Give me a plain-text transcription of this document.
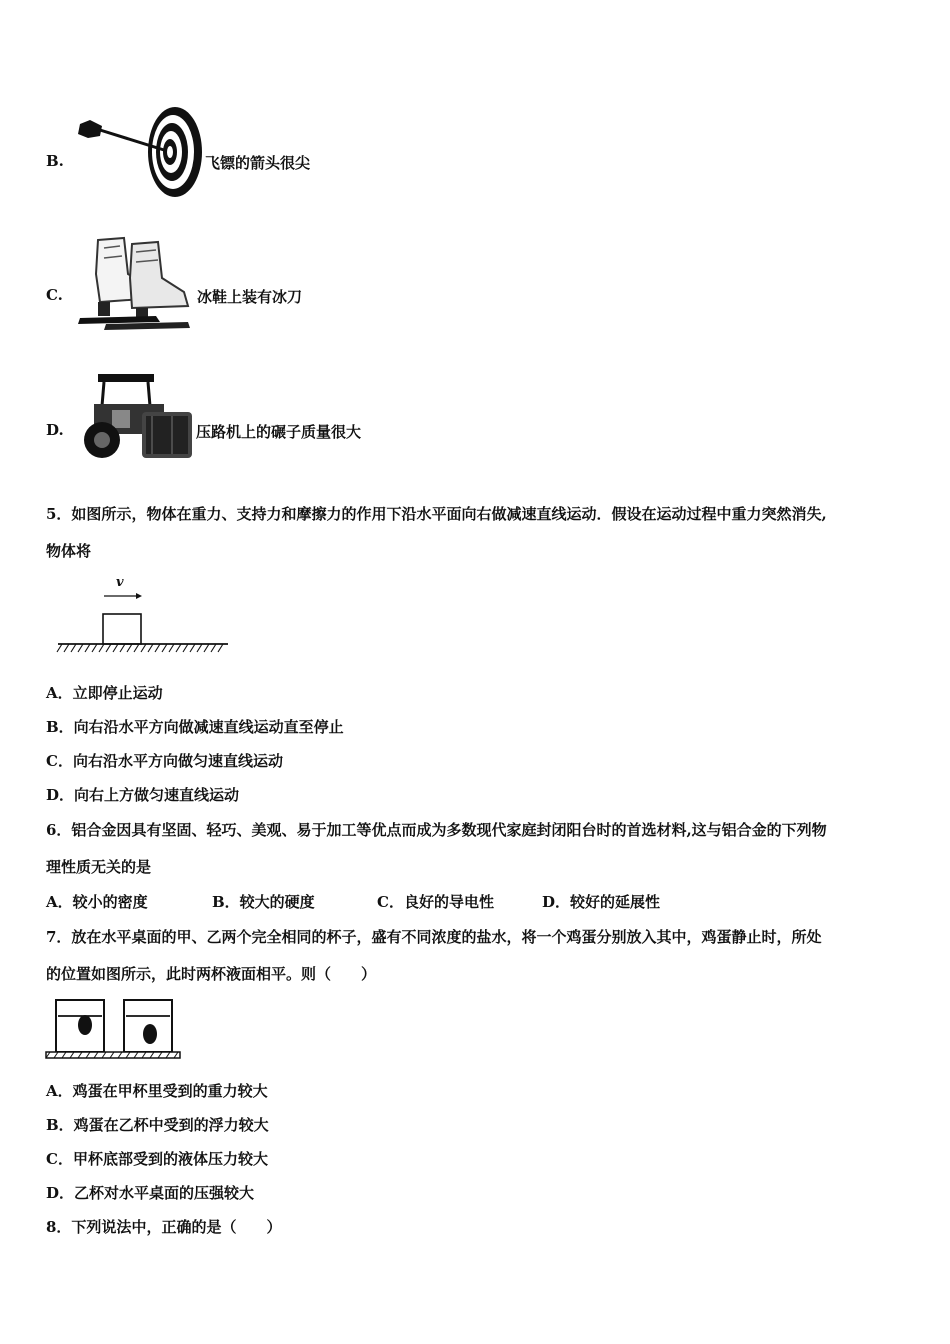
B.	飞镖的箭头很尖
C.	冰鞋上装有冰刀
D.	压路机上的碾子质量很大
5．如图所示，物体在重力、支持力和摩擦力的作用下沿水平面向右做减速直线运动．假设在运动过程中重力突然消失,
物体将
v
A．立即停止运动
B．向右沿水平方向做减速直线运动直至停止
C．向右沿水平方向做匀速直线运动
D．向右上方做匀速直线运动
6．铝合金因具有坚固、轻巧、美观、易于加工等优点而成为多数现代家庭封闭阳台时的首选材料,这与铝合金的下列物
理性质无关的是
A．较小的密度	B．较大的硬度	C．良好的导电性	D．较好的延展性
7．放在水平桌面的甲、乙两个完全相同的杯子，盛有不同浓度的盐水，将一个鸡蛋分别放入其中，鸡蛋静止时，所处
的位置如图所示，此时两杯液面相平。则（　　）
A．鸡蛋在甲杯里受到的重力较大
B．鸡蛋在乙杯中受到的浮力较大
C．甲杯底部受到的液体压力较大
D．乙杯对水平桌面的压强较大
8．下列说法中，正确的是（　　）
